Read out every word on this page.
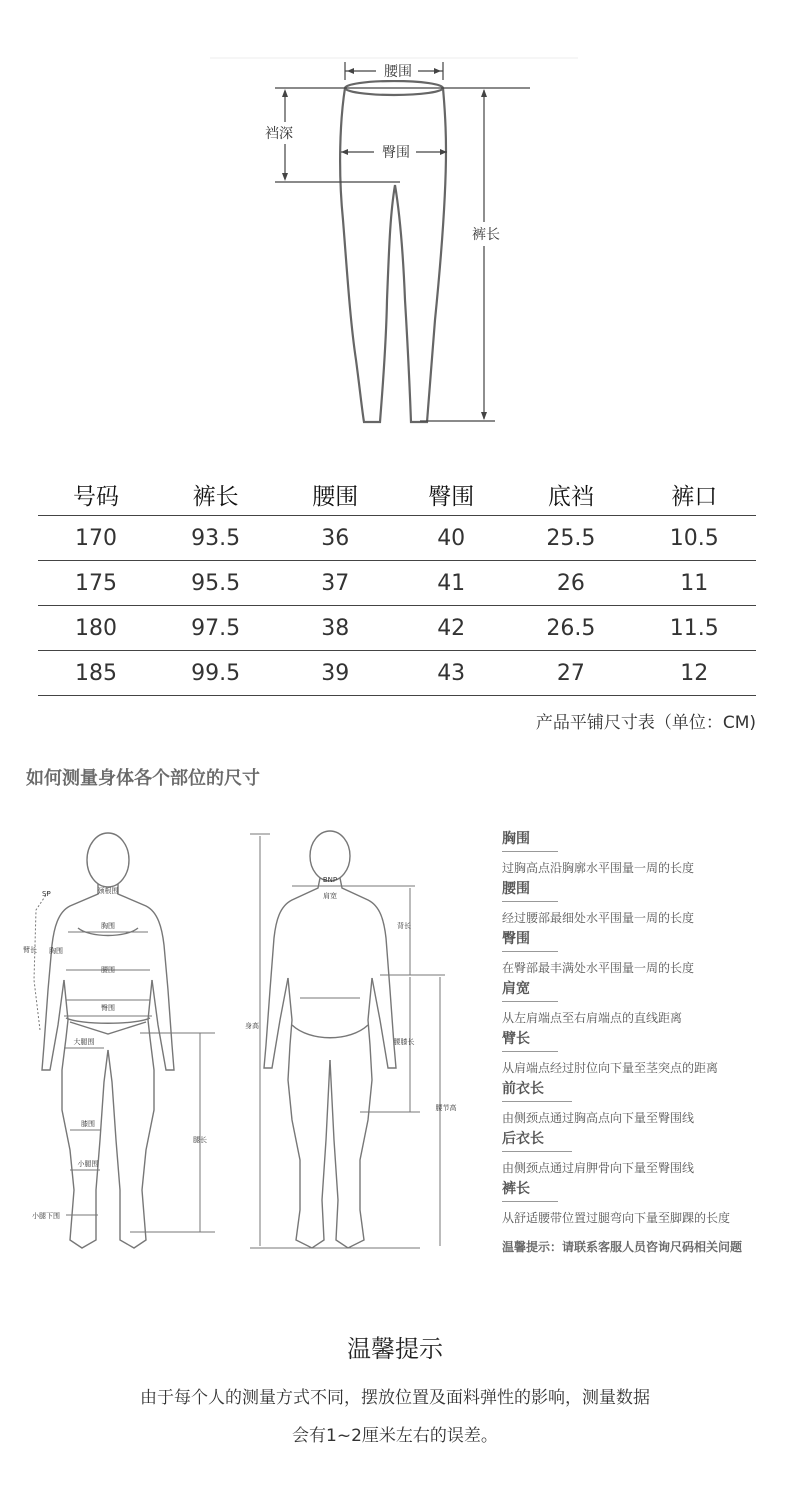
腰围
裆深
臀围
裤长
号码	裤长	腰围	臀围	底裆	裤口
170	93.5	36	40	25.5	10.5
175	95.5	37	41	26	11
180	97.5	38	42	26.5	11.5
185	99.5	39	43	27	12
产品平铺尺寸表（单位：CM)
如何测量身体各个部位的尺寸
SP	颈根围
胸围
胸围
腰围
臀围
臂长
大腿围
膝围
小腿围
小腿下围
腿长
BNP
肩宽
背长
身高
腰膝长
腰节高
胸围
过胸高点沿胸廓水平围量一周的长度
腰围
经过腰部最细处水平围量一周的长度
臀围
在臀部最丰满处水平围量一周的长度
肩宽
从左肩端点至右肩端点的直线距离
臂长
从肩端点经过肘位向下量至茎突点的距离
前衣长
由侧颈点通过胸高点向下量至臀围线
后衣长
由侧颈点通过肩胛骨向下量至臀围线
裤长
从舒适腰带位置过腿弯向下量至脚踝的长度
温馨提示：请联系客服人员咨询尺码相关问题
温馨提示
由于每个人的测量方式不同，摆放位置及面料弹性的影响，测量数据
会有1~2厘米左右的误差。
